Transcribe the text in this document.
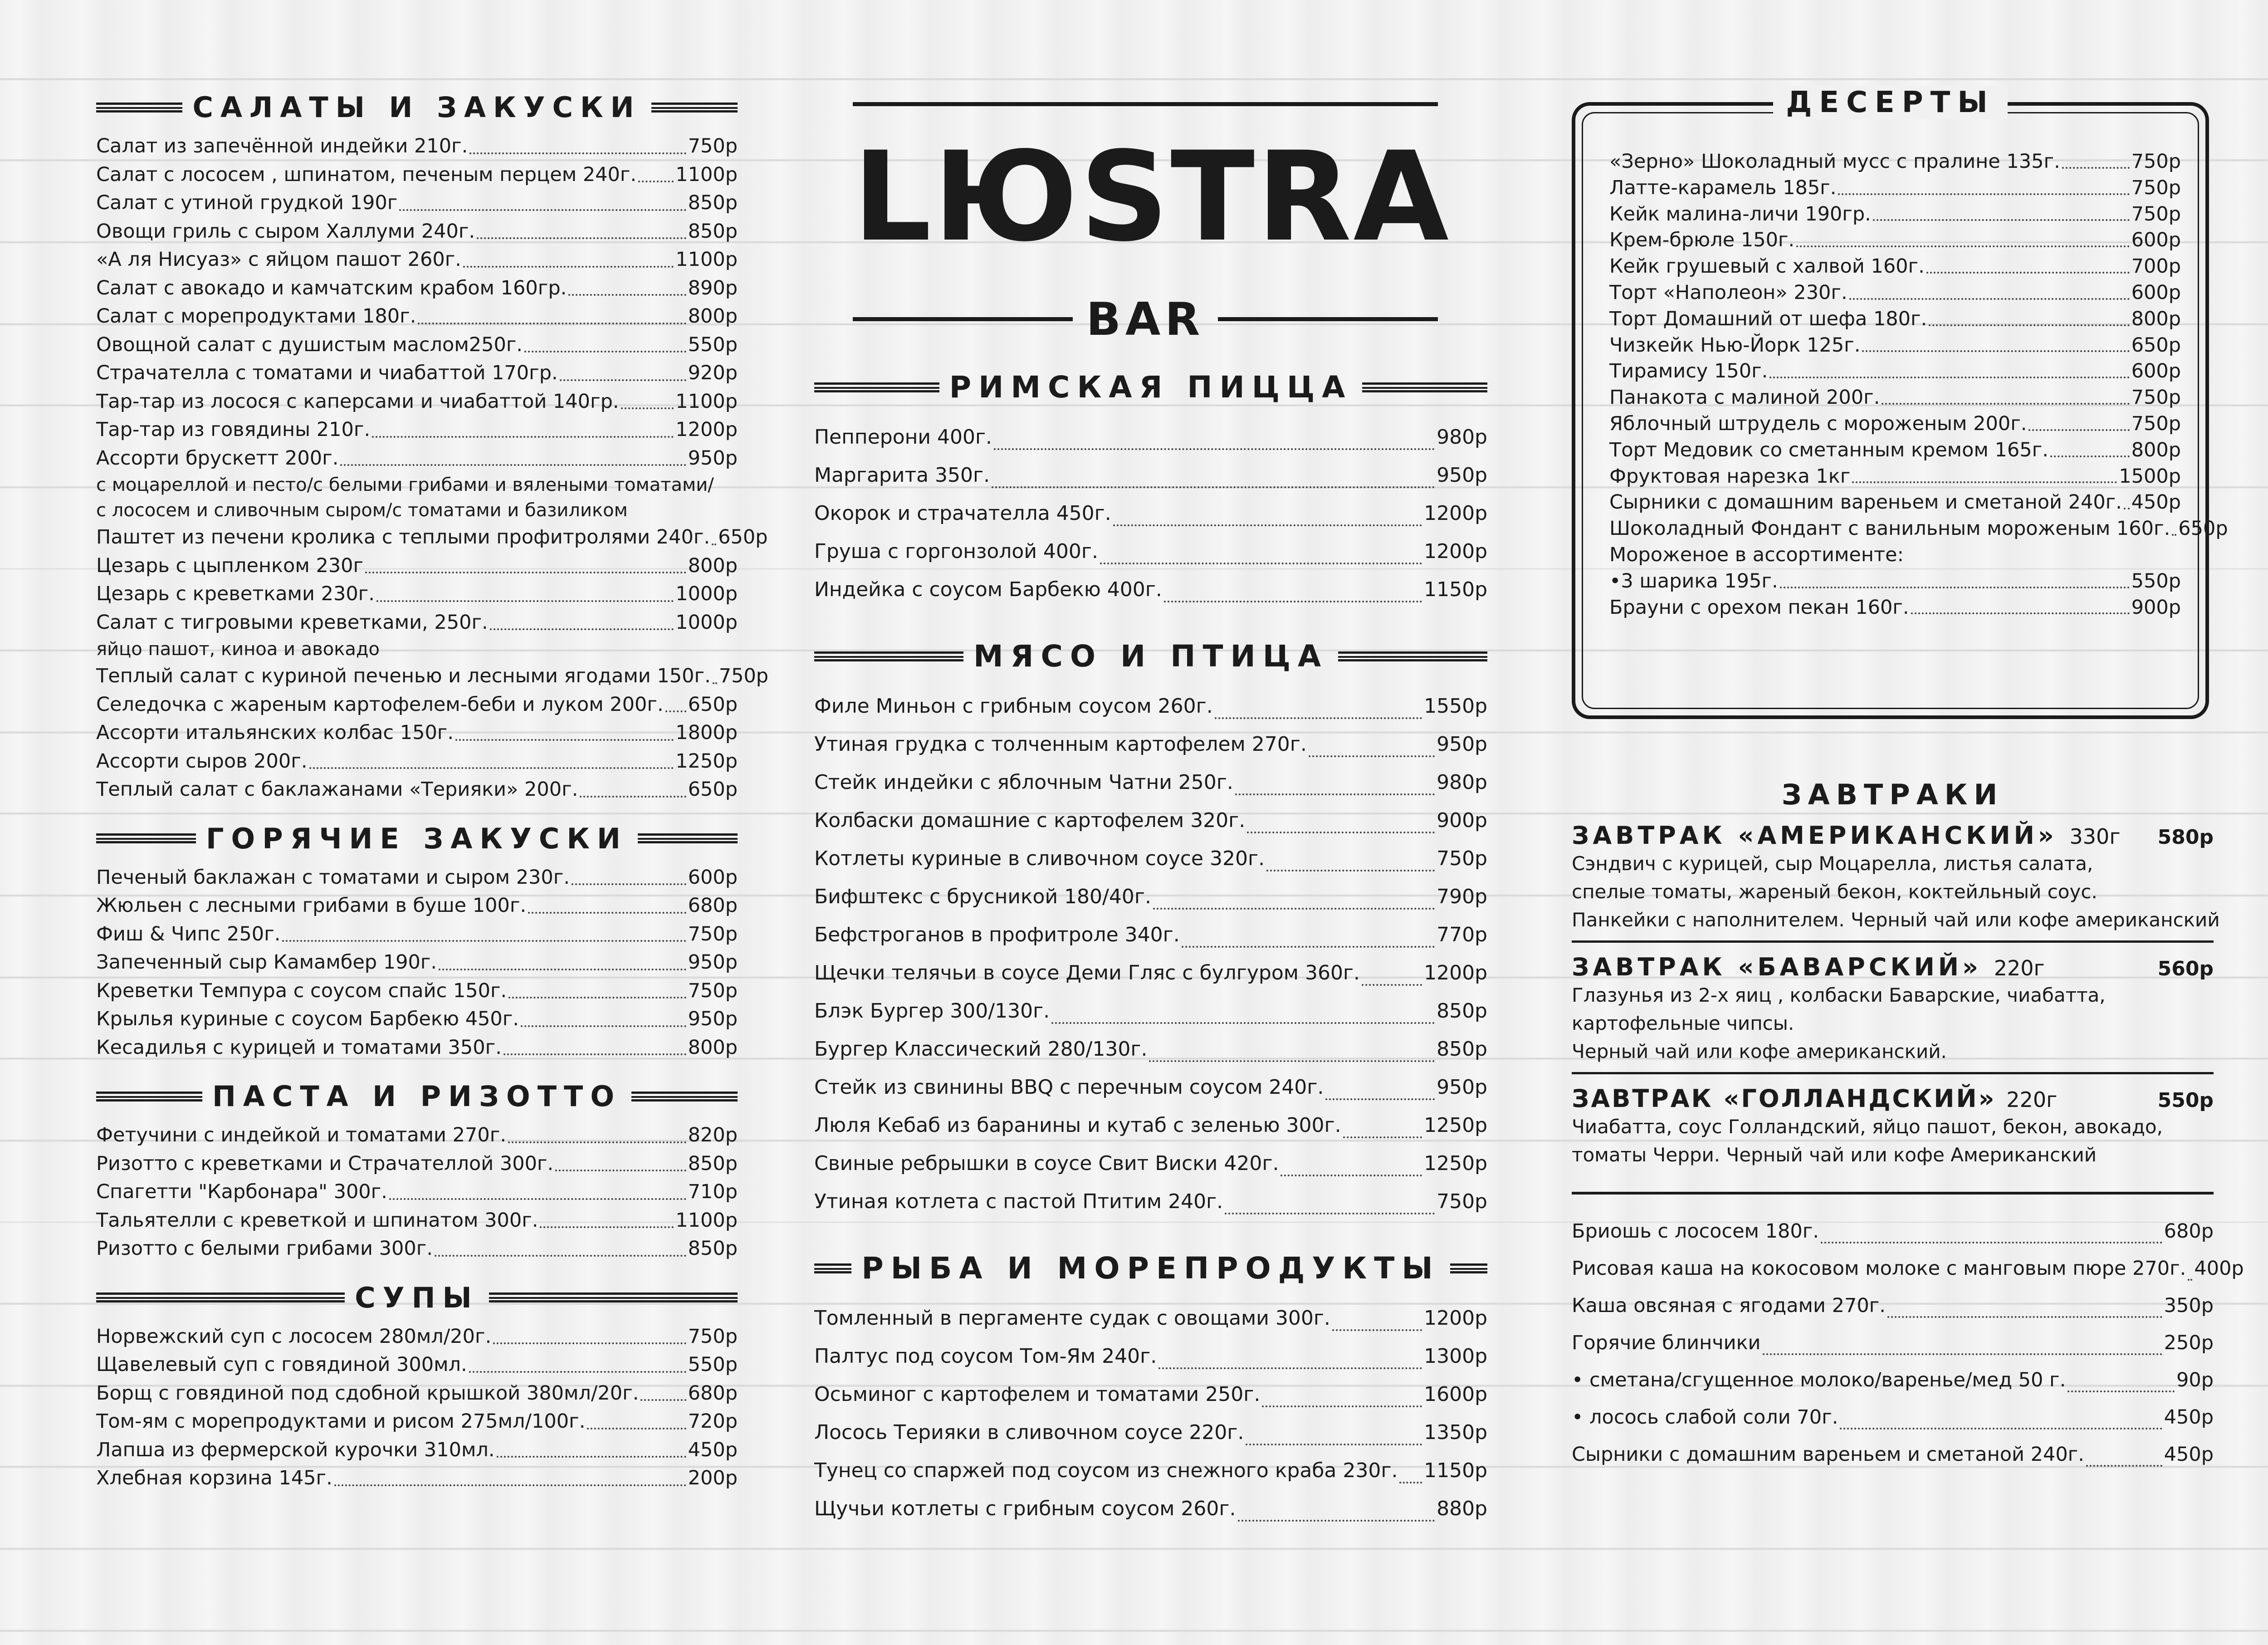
САЛАТЫ И ЗАКУСКИ
Салат из запечённой индейки 210г.	750р
Салат с лососем , шпинатом, печеным перцем 240г. 1100р
Салат с утиной грудкой 190г	850р
Овощи гриль с сыром Халлуми 240г.	850р
«А ля Нисуаз» с яйцом пашот 260г.	1100р
Салат с авокадо и камчатским крабом 160гр.	890р
Салат с морепродуктами 180г.	800р
Овощной салат с душистым маслом250г.	550р
Страчателла с томатами и чиабаттой 170гр.	920р
Тар-тар из лосося с каперсами и чиабаттой 140гр.	1100р
Тар-тар из говядины 210г.	1200р
Ассорти брускетт 200г.	950р
с моцареллой и песто/с белыми грибами и вялеными томатами/
с лососем и сливочным сыром/с томатами и базиликом
Паштет из печени кролика с теплыми профитролями 240г. 650р
Цезарь с цыпленком 230г	800р
Цезарь с креветками 230г.	1000р
Салат с тигровыми креветками, 250г.	1000р
яйцо пашот, киноа и авокадо
Теплый салат с куриной печенью и лесными ягодами 150г. 750р
Селедочка с жареным картофелем-беби и луком 200г. 650р
Ассорти итальянских колбас 150г.	1800р
Ассорти сыров 200г.	1250р
Теплый салат с баклажанами «Терияки» 200г.	650р
ГОРЯЧИЕ ЗАКУСКИ
Печеный баклажан с томатами и сыром 230г.	600р
Жюльен с лесными грибами в буше 100г.	680р
Фиш & Чипс 250г.	750р
Запеченный сыр Камамбер 190г.	950р
Креветки Темпура с соусом спайс 150г.	750р
Крылья куриные с соусом Барбекю 450г.	950р
Кесадилья с курицей и томатами 350г.	800р
ПАСТА И РИЗОТТО
Фетучини с индейкой и томатами 270г.	820р
Ризотто с креветками и Страчателлой 300г.	850р
Спагетти "Карбонара" 300г.	710р
Тальятелли с креветкой и шпинатом 300г.	1100р
Ризотто с белыми грибами 300г.	850р
СУПЫ
Норвежский суп с лососем 280мл/20г.	750р
Щавелевый суп с говядиной 300мл.	550р
Борщ с говядиной под сдобной крышкой 380мл/20г.	680р
Том-ям с морепродуктами и рисом 275мл/100г.	720р
Лапша из фермерской курочки 310мл.	450р
Хлебная корзина 145г.	200р
LЮSTRA
BAR
РИМСКАЯ ПИЦЦА
Пепперони 400г.	980р
Маргарита 350г.	950р
Окорок и страчателла 450г.	1200р
Груша с горгонзолой 400г.	1200р
Индейка с соусом Барбекю 400г.	1150р
МЯСО И ПТИЦА
Филе Миньон с грибным соусом 260г.	1550р
Утиная грудка с толченным картофелем 270г.	950р
Стейк индейки с яблочным Чатни 250г.	980р
Колбаски домашние с картофелем 320г.	900р
Котлеты куриные в сливочном соусе 320г.	750р
Бифштекс с брусникой 180/40г.	790р
Бефстроганов в профитроле 340г.	770р
Щечки телячьи в соусе Деми Гляс с булгуром 360г.	1200р
Блэк Бургер 300/130г.	850р
Бургер Классический 280/130г.	850р
Стейк из свинины BBQ с перечным соусом 240г.	950р
Люля Кебаб из баранины и кутаб с зеленью 300г.	1250р
Свиные ребрышки в соусе Свит Виски 420г.	1250р
Утиная котлета с пастой Птитим 240г.	750р
РЫБА И МОРЕПРОДУКТЫ
Томленный в пергаменте судак с овощами 300г.	1200р
Палтус под соусом Том-Ям 240г.	1300р
Осьминог с картофелем и томатами 250г.	1600р
Лосось Терияки в сливочном соусе 220г.	1350р
Тунец со спаржей под соусом из снежного краба 230г. 1150р
Щучьи котлеты с грибным соусом 260г.	880р
ДЕСЕРТЫ
«Зерно» Шоколадный мусс с пралине 135г.	750р
Латте-карамель 185г.	750р
Кейк малина-личи 190гр.	750р
Крем-брюле 150г.	600р
Кейк грушевый с халвой 160г.	700р
Торт «Наполеон» 230г.	600р
Торт Домашний от шефа 180г.	800р
Чизкейк Нью-Йорк 125г.	650р
Тирамису 150г.	600р
Панакота с малиной 200г.	750р
Яблочный штрудель с мороженым 200г.	750р
Торт Медовик со сметанным кремом 165г.	800р
Фруктовая нарезка 1кг	1500р
Сырники с домашним вареньем и сметаной 240г. 450р
Шоколадный Фондант с ванильным мороженым 160г. 650р
Мороженое в ассортименте:
•3 шарика 195г.	550р
Брауни с орехом пекан 160г.	900р
ЗАВТРАКИ
ЗАВТРАК «АМЕРИКАНСКИЙ» 330г 580р
Сэндвич с курицей, сыр Моцарелла, листья салата,
спелые томаты, жареный бекон, коктейльный соус.
Панкейки с наполнителем. Черный чай или кофе американский
ЗАВТРАК «БАВАРСКИЙ» 220г	560р
Глазунья из 2-х яиц , колбаски Баварские, чиабатта,
картофельные чипсы.
Черный чай или кофе американский.
ЗАВТРАК «ГОЛЛАНДСКИЙ» 220г	550р
Чиабатта, соус Голландский, яйцо пашот, бекон, авокадо,
томаты Черри. Черный чай или кофе Американский
Бриошь с лососем 180г.	680р
Рисовая каша на кокосовом молоке с манговым пюре 270г. 400р
Каша овсяная с ягодами 270г.	350р
Горячие блинчики	250р
• сметана/сгущенное молоко/варенье/мед 50 г.	90р
• лосось слабой соли 70г.	450р
Сырники с домашним вареньем и сметаной 240г.	450р
